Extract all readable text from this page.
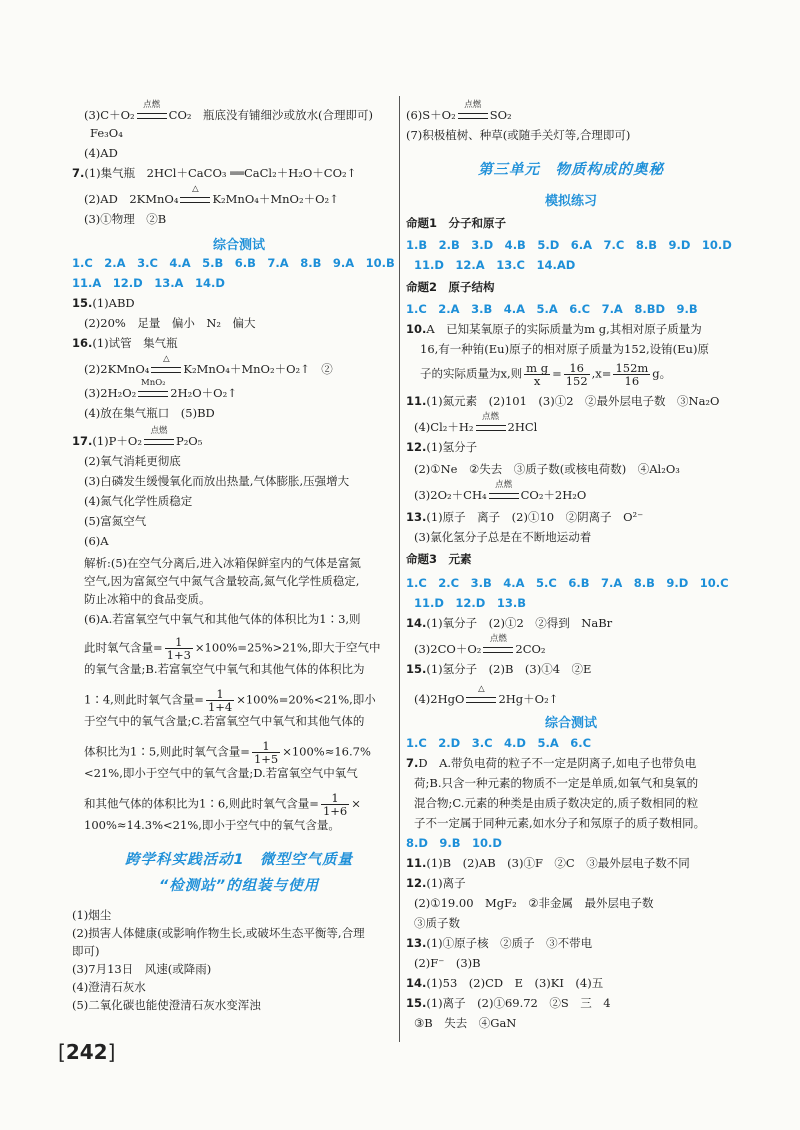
(3)C＋O₂
点燃
CO₂　瓶底没有铺细沙或放水(合理即可)
Fe₃O₄
(4)AD
7.(1)集气瓶　2HCl＋CaCO₃ ══CaCl₂＋H₂O＋CO₂↑
(2)AD　2KMnO₄
△
K₂MnO₄＋MnO₂＋O₂↑
(3)①物理　②B
综合测试
1.C　2.A　3.C　4.A　5.B　6.B　7.A　8.B　9.A　10.B
11.A　12.D　13.A　14.D
15.(1)ABD
(2)20%　足量　偏小　N₂　偏大
16.(1)试管　集气瓶
(2)2KMnO₄
△
K₂MnO₄＋MnO₂＋O₂↑　②
(3)2H₂O₂
MnO₂
2H₂O＋O₂↑
(4)放在集气瓶口　(5)BD
17.(1)P＋O₂
点燃
P₂O₅
(2)氧气消耗更彻底
(3)白磷发生缓慢氧化而放出热量,气体膨胀,压强增大
(4)氮气化学性质稳定
(5)富氮空气
(6)A
解析:(5)在空气分离后,进入冰箱保鲜室内的气体是富氮
空气,因为富氮空气中氮气含量较高,氮气化学性质稳定,
防止冰箱中的食品变质。
(6)A.若富氧空气中氧气和其他气体的体积比为1∶3,则
此时氧气含量= $\frac{1}{1+3} \times 100\%=25\%>21\%$,即大于空气中
的氧气含量;B.若富氧空气中氧气和其他气体的体积比为
1∶4,则此时氧气含量= $\frac{1}{1+4} \times 100\%=20\%<21\%$,即小
于空气中的氧气含量;C.若富氧空气中氧气和其他气体的
体积比为1∶5,则此时氧气含量= $\frac{1}{1+5} \times 100\%\approx 16.7\%$
<21%,即小于空气中的氧气含量;D.若富氧空气中氧气
和其他气体的体积比为1∶6,则此时氧气含量= $\frac{1}{1+6}$ ×
100%≈14.3%<21%,即小于空气中的氧气含量。
跨学科实践活动1　微型空气质量
“检测站”的组装与使用
(1)烟尘
(2)损害人体健康(或影响作物生长,或破坏生态平衡等,合理
即可)
(3)7月13日　风速(或降雨)
(4)澄清石灰水
(5)二氧化碳也能使澄清石灰水变浑浊
(6)S＋O₂
点燃
SO₂
(7)积极植树、种草(或随手关灯等,合理即可)
第三单元　物质构成的奥秘
模拟练习
命题1　分子和原子
1.B　2.B　3.D　4.B　5.D　6.A　7.C　8.B　9.D　10.D
11.D　12.A　13.C　14.AD
命题2　原子结构
1.C　2.A　3.B　4.A　5.A　6.C　7.A　8.BD　9.B
10.A　已知某氧原子的实际质量为m g,其相对原子质量为
16,有一种铕(Eu)原子的相对原子质量为152,设铕(Eu)原
子的实际质量为x,则 $\frac{\text{m g}}{x} = \frac{16}{152} ,x= \frac{152m}{16}$ g。
11.(1)氮元素　(2)101　(3)①2　②最外层电子数　③Na₂O
(4)Cl₂＋H₂
点燃
2HCl
12.(1)氢分子
(2)①Ne　②失去　③质子数(或核电荷数)　④Al₂O₃
(3)2O₂＋CH₄
点燃
CO₂＋2H₂O
13.(1)原子　离子　(2)①10　②阴离子　O²⁻
(3)氯化氢分子总是在不断地运动着
命题3　元素
1.C　2.C　3.B　4.A　5.C　6.B　7.A　8.B　9.D　10.C
11.D　12.D　13.B
14.(1)氧分子　(2)①2　②得到　NaBr
(3)2CO＋O₂
点燃
2CO₂
15.(1)氢分子　(2)B　(3)①4　②E
(4)2HgO
△
2Hg＋O₂↑
综合测试
1.C　2.D　3.C　4.D　5.A　6.C
7.D　A.带负电荷的粒子不一定是阴离子,如电子也带负电
荷;B.只含一种元素的物质不一定是单质,如氧气和臭氧的
混合物;C.元素的种类是由质子数决定的,质子数相同的粒
子不一定属于同种元素,如水分子和氖原子的质子数相同。
8.D　9.B　10.D
11.(1)B　(2)AB　(3)①F　②C　③最外层电子数不同
12.(1)离子
(2)①19.00　MgF₂　②非金属　最外层电子数
③质子数
13.(1)①原子核　②质子　③不带电
(2)F⁻　(3)B
14.(1)53　(2)CD　E　(3)KI　(4)五
15.(1)离子　(2)①69.72　②S　三　4
③B　失去　④GaN

[ 242 ]
